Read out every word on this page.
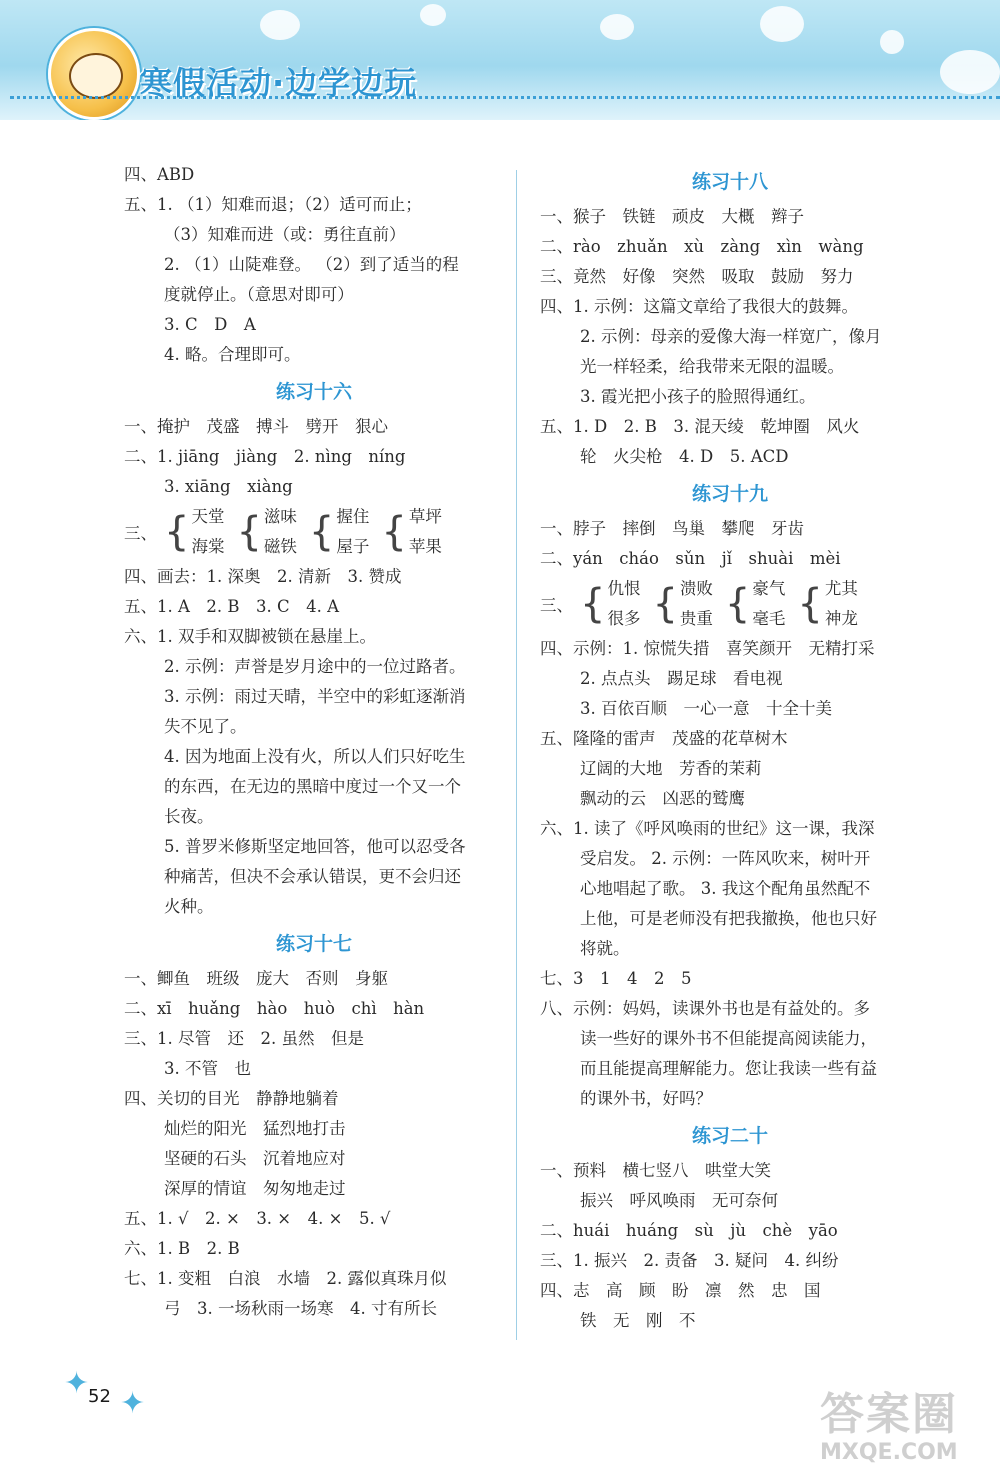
寒假活动·边学边玩
四、ABD
五、1. （1）知难而退；（2）适可而止；
（3）知难而进（或：勇往直前）
2. （1）山陡难登。 （2）到了适当的程
度就停止。（意思对即可）
3. C　D　A
4. 略。合理即可。
练习十六
一、掩护　茂盛　搏斗　劈开　狠心
二、1. jiāng　jiàng　2. nìng　níng
3. xiāng　xiàng
三、 { 天堂
海棠 { 滋味
磁铁 { 握住
屋子 { 草坪
苹果
四、画去：1. 深奥　2. 清新　3. 赞成
五、1. A　2. B　3. C　4. A
六、1. 双手和双脚被锁在悬崖上。
2. 示例：声誉是岁月途中的一位过路者。
3. 示例：雨过天晴，半空中的彩虹逐渐消
失不见了。
4. 因为地面上没有火，所以人们只好吃生
的东西，在无边的黑暗中度过一个又一个
长夜。
5. 普罗米修斯坚定地回答，他可以忍受各
种痛苦，但决不会承认错误，更不会归还
火种。
练习十七
一、鲫鱼　班级　庞大　否则　身躯
二、xī　huǎng　hào　huò　chì　hàn
三、1. 尽管　还　2. 虽然　但是
3. 不管　也
四、关切的目光　静静地躺着
灿烂的阳光　猛烈地打击
坚硬的石头　沉着地应对
深厚的情谊　匆匆地走过
五、1. √　2. ×　3. ×　4. ×　5. √
六、1. B　2. B
七、1. 变粗　白浪　水墙　2. 露似真珠月似
弓　3. 一场秋雨一场寒　4. 寸有所长
练习十八
一、猴子　铁链　顽皮　大概　辫子
二、rào　zhuǎn　xù　zàng　xìn　wàng
三、竟然　好像　突然　吸取　鼓励　努力
四、1. 示例：这篇文章给了我很大的鼓舞。
2. 示例：母亲的爱像大海一样宽广，像月
光一样轻柔，给我带来无限的温暖。
3. 霞光把小孩子的脸照得通红。
五、1. D　2. B　3. 混天绫　乾坤圈　风火
轮　火尖枪　4. D　5. ACD
练习十九
一、脖子　摔倒　鸟巢　攀爬　牙齿
二、yán　cháo　sǔn　jǐ　shuài　mèi
三、 { 仇恨
很多 { 溃败
贵重 { 豪气
毫毛 { 尤其
神龙
四、示例：1. 惊慌失措　喜笑颜开　无精打采
2. 点点头　踢足球　看电视
3. 百依百顺　一心一意　十全十美
五、隆隆的雷声　茂盛的花草树木
辽阔的大地　芳香的茉莉
飘动的云　凶恶的鹫鹰
六、1. 读了《呼风唤雨的世纪》这一课，我深
受启发。 2. 示例：一阵风吹来，树叶开
心地唱起了歌。 3. 我这个配角虽然配不
上他，可是老师没有把我撤换，他也只好
将就。
七、3　1　4　2　5
八、示例：妈妈，读课外书也是有益处的。多
读一些好的课外书不但能提高阅读能力，
而且能提高理解能力。您让我读一些有益
的课外书，好吗？
练习二十
一、预料　横七竖八　哄堂大笑
振兴　呼风唤雨　无可奈何
二、huái　huáng　sù　jù　chè　yāo
三、1. 振兴　2. 责备　3. 疑问　4. 纠纷
四、志　高　顾　盼　凛　然　忠　国
铁　无　刚　不
✦
✦
52	答案圈
MXQE.COM
